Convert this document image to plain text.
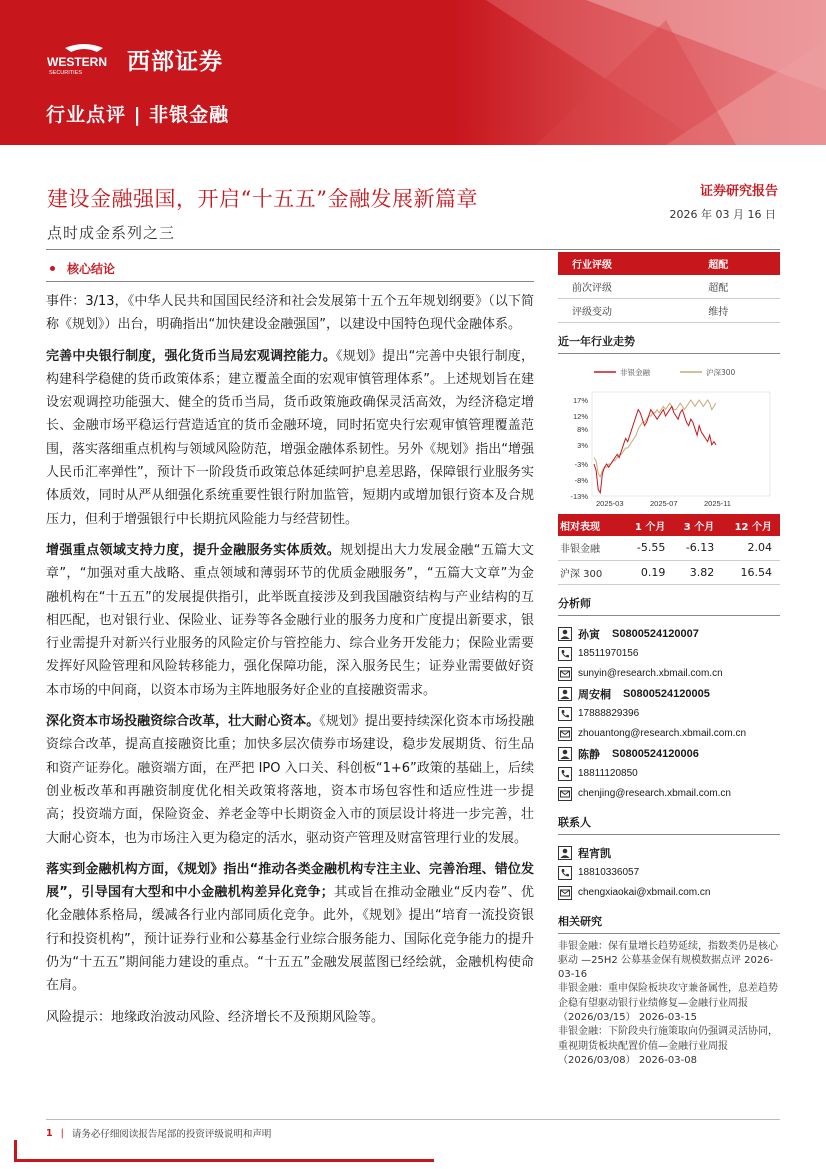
WESTERN
SECURITIES 西部证券
行业点评 | 非银金融
建设金融强国，开启“十五五”金融发展新篇章
点时成金系列之三
证券研究报告
2026 年 03 月 16 日
核心结论

事件：3/13，《中华人民共和国国民经济和社会发展第十五个五年规划纲要》（以下简称《规划》）出台，明确指出“加快建设金融强国”，以建设中国特色现代金融体系。

完善中央银行制度，强化货币当局宏观调控能力。《规划》提出“完善中央银行制度，构建科学稳健的货币政策体系；建立覆盖全面的宏观审慎管理体系”。上述规划旨在建设宏观调控功能强大、健全的货币当局，货币政策施政确保灵活高效，为经济稳定增长、金融市场平稳运行营造适宜的货币金融环境，同时拓宽央行宏观审慎管理覆盖范围，落实落细重点机构与领域风险防范，增强金融体系韧性。另外《规划》指出“增强人民币汇率弹性”，预计下一阶段货币政策总体延续呵护息差思路，保障银行业服务实体质效，同时从严从细强化系统重要性银行附加监管，短期内或增加银行资本及合规压力，但利于增强银行中长期抗风险能力与经营韧性。

增强重点领域支持力度，提升金融服务实体质效。规划提出大力发展金融“五篇大文章”，“加强对重大战略、重点领域和薄弱环节的优质金融服务”，“五篇大文章”为金融机构在“十五五”的发展提供指引，此举既直接涉及到我国融资结构与产业结构的互相匹配，也对银行业、保险业、证券等各金融行业的服务力度和广度提出新要求，银行业需提升对新兴行业服务的风险定价与管控能力、综合业务开发能力；保险业需要发挥好风险管理和风险转移能力，强化保障功能，深入服务民生；证券业需要做好资本市场的中间商，以资本市场为主阵地服务好企业的直接融资需求。

深化资本市场投融资综合改革，壮大耐心资本。《规划》提出要持续深化资本市场投融资综合改革，提高直接融资比重；加快多层次债券市场建设，稳步发展期货、衍生品和资产证券化。融资端方面，在严把 IPO 入口关、科创板“1+6”政策的基础上，后续创业板改革和再融资制度优化相关政策将落地，资本市场包容性和适应性进一步提高；投资端方面，保险资金、养老金等中长期资金入市的顶层设计将进一步完善，壮大耐心资本，也为市场注入更为稳定的活水，驱动资产管理及财富管理行业的发展。

落实到金融机构方面，《规划》指出“推动各类金融机构专注主业、完善治理、错位发展”，引导国有大型和中小金融机构差异化竞争；其或旨在推动金融业“反内卷”、优化金融体系格局，缓减各行业内部同质化竞争。此外，《规划》提出“培育一流投资银行和投资机构”，预计证券行业和公募基金行业综合服务能力、国际化竞争能力的提升仍为“十五五”期间能力建设的重点。“十五五”金融发展蓝图已经绘就，金融机构使命在肩。

风险提示：地缘政治波动风险、经济增长不及预期风险等。

行业评级	超配
前次评级	超配
评级变动	维持
近一年行业走势
非银金融	沪深300
17%
12%
8%
3%
-3%
-8%
-13%
2025-03	2025-07	2025-11
相对表现	1 个月	3 个月	12 个月
非银金融	-5.55	-6.13	2.04
沪深 300	0.19	3.82	16.54
分析师
孙寅 S0800524120007
18511970156
sunyin@research.xbmail.com.cn
周安桐 S0800524120005
17888829396
zhouantong@research.xbmail.com.cn
陈静 S0800524120006
18811120850
chenjing@research.xbmail.com.cn
联系人
程宵凯
18810336057
chengxiaokai@xbmail.com.cn
相关研究

非银金融：保有量增长趋势延续，指数类仍是核心驱动 —25H2 公募基金保有规模数据点评 2026-03-16

非银金融：重申保险板块攻守兼备属性，息差趋势企稳有望驱动银行业绩修复—金融行业周报（2026/03/15） 2026-03-15

非银金融：下阶段央行施策取向仍强调灵活协同，重视期货板块配置价值—金融行业周报（2026/03/08） 2026-03-08

1 | 请务必仔细阅读报告尾部的投资评级说明和声明
